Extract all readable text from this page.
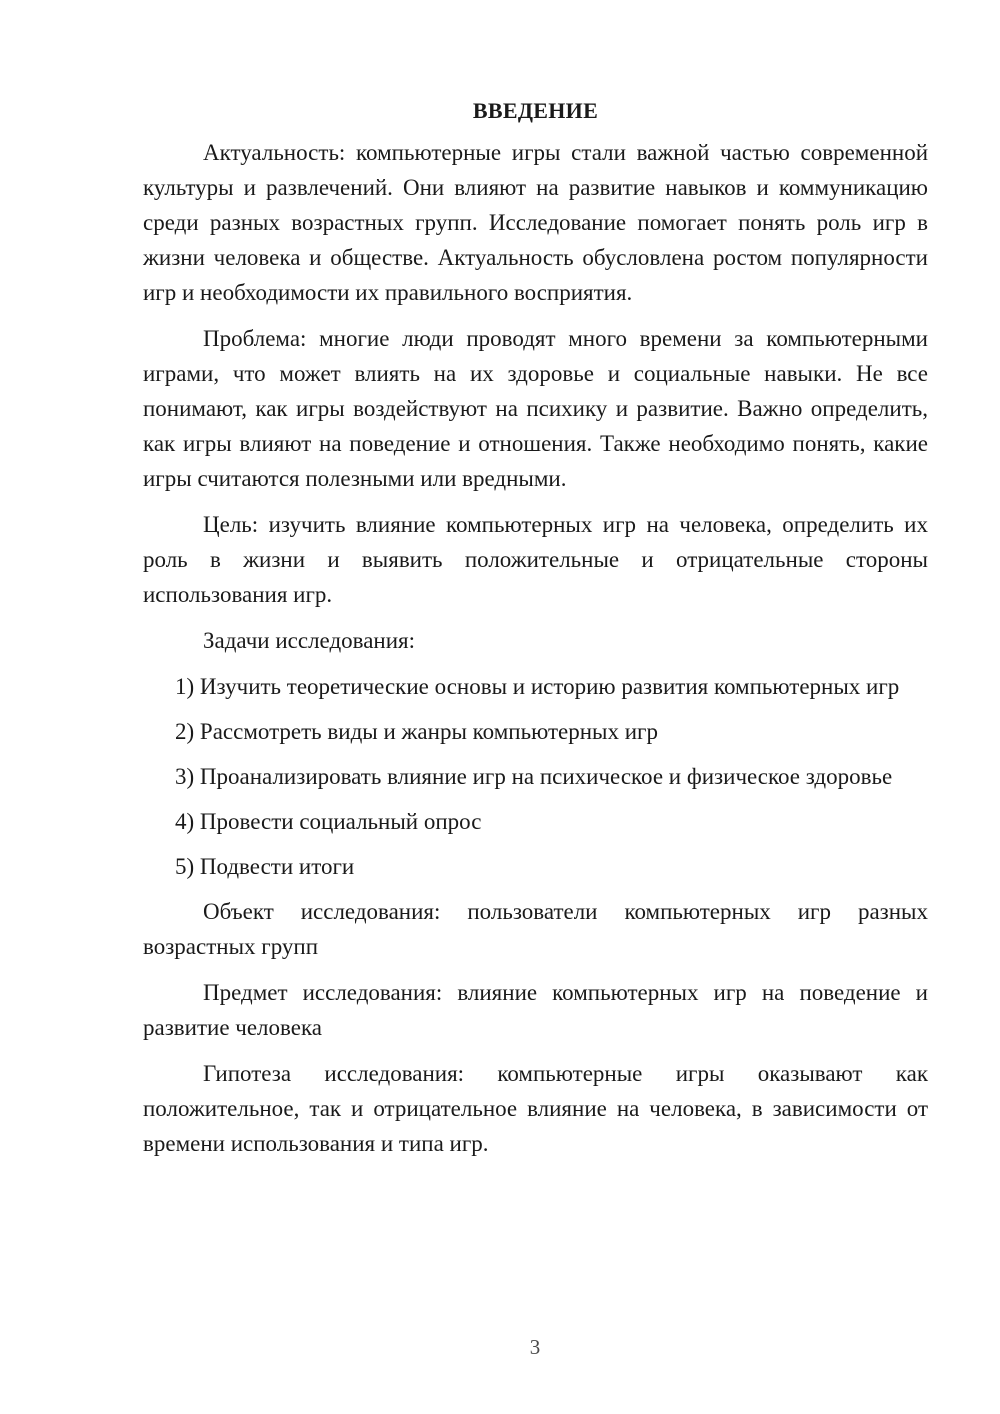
ВВЕДЕНИЕ

Актуальность: компьютерные игры стали важной частью современной культуры и развлечений. Они влияют на развитие навыков и коммуникацию среди разных возрастных групп. Исследование помогает понять роль игр в жизни человека и обществе. Актуальность обусловлена ростом популярности игр и необходимости их правильного восприятия.

Проблема: многие люди проводят много времени за компьютерными играми, что может влиять на их здоровье и социальные навыки. Не все понимают, как игры воздействуют на психику и развитие. Важно определить, как игры влияют на поведение и отношения. Также необходимо понять, какие игры считаются полезными или вредными.

Цель: изучить влияние компьютерных игр на человека, определить их роль в жизни и выявить положительные и отрицательные стороны использования игр.

Задачи исследования:

1) Изучить теоретические основы и историю развития компьютерных игр
2) Рассмотреть виды и жанры компьютерных игр
3) Проанализировать влияние игр на психическое и физическое здоровье
4) Провести социальный опрос
5) Подвести итоги

Объект исследования: пользователи компьютерных игр разных возрастных групп

Предмет исследования: влияние компьютерных игр на поведение и развитие человека

Гипотеза исследования: компьютерные игры оказывают как положительное, так и отрицательное влияние на человека, в зависимости от времени использования и типа игр.

3
